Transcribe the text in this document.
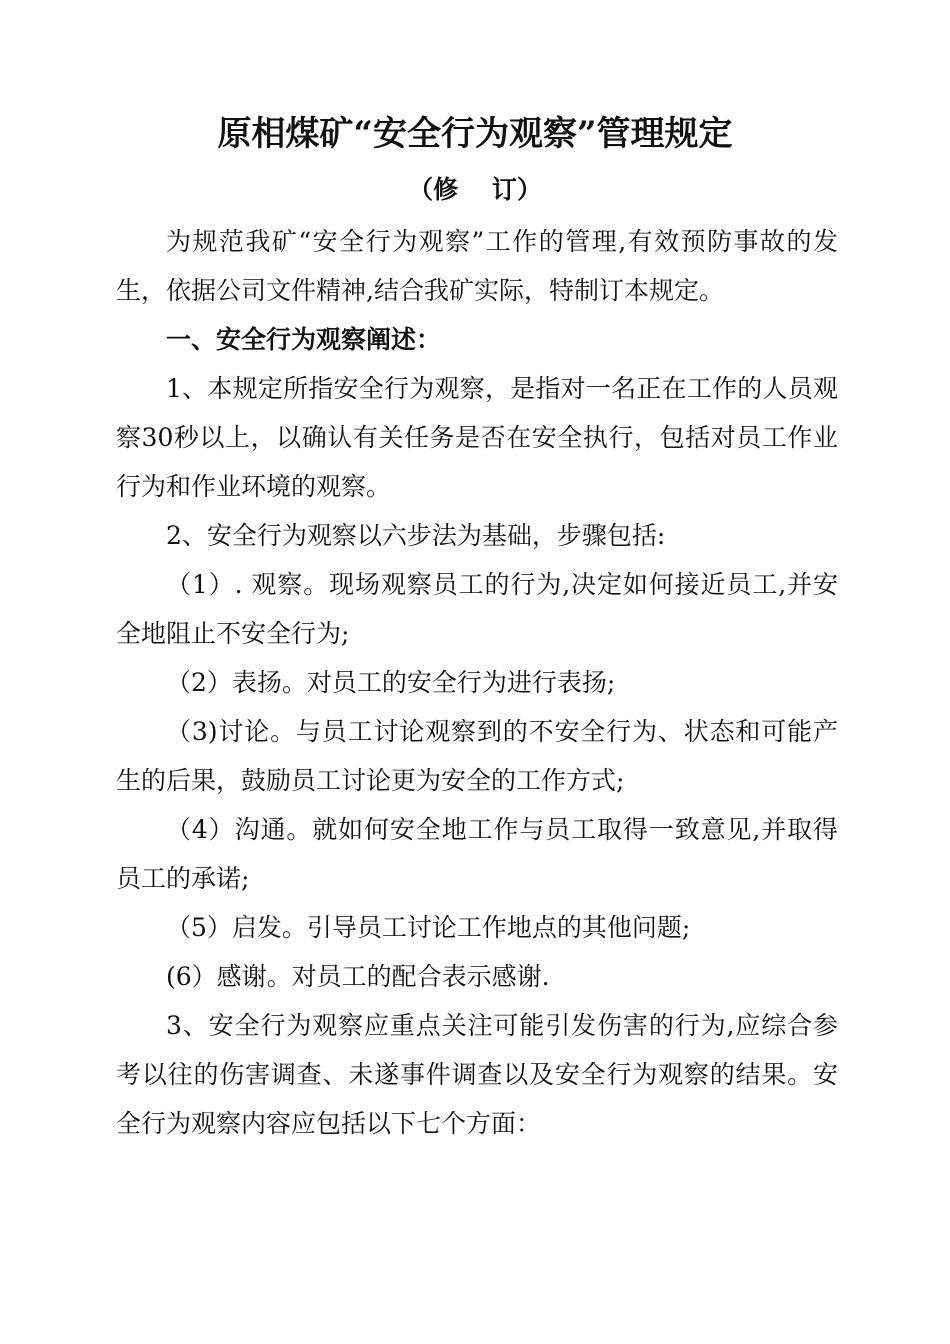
原相煤矿“安全行为观察”管理规定
（修　 订）

为规范我矿“安全行为观察”工作的管理,有效预防事故的发生，依据公司文件精神,结合我矿实际，特制订本规定。

一、安全行为观察阐述：

1、本规定所指安全行为观察，是指对一名正在工作的人员观察30秒以上，以确认有关任务是否在安全执行，包括对员工作业行为和作业环境的观察。

2、安全行为观察以六步法为基础，步骤包括:

（1）. 观察。现场观察员工的行为,决定如何接近员工,并安全地阻止不安全行为;

（2）表扬。对员工的安全行为进行表扬;

（3)讨论。与员工讨论观察到的不安全行为、状态和可能产生的后果，鼓励员工讨论更为安全的工作方式;

（4）沟通。就如何安全地工作与员工取得一致意见,并取得员工的承诺;

（5）启发。引导员工讨论工作地点的其他问题;

(6）感谢。对员工的配合表示感谢.

3、安全行为观察应重点关注可能引发伤害的行为,应综合参考以往的伤害调查、未遂事件调查以及安全行为观察的结果。安全行为观察内容应包括以下七个方面：
